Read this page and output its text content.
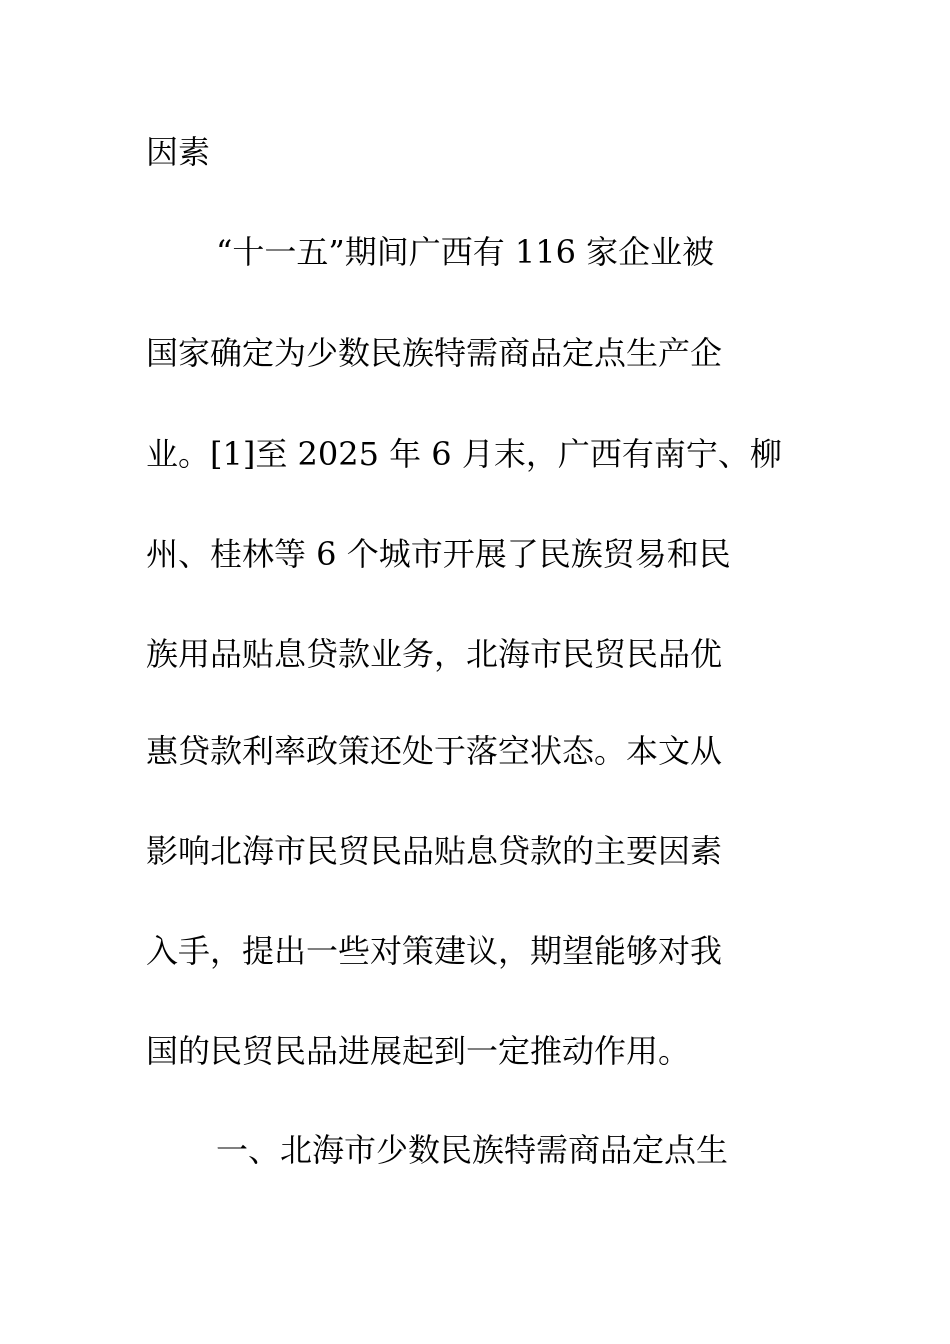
因素
“十一五”期间广西有 116 家企业被
国家确定为少数民族特需商品定点生产企
业。[1]至 2025 年 6 月末，广西有南宁、柳
州、桂林等 6 个城市开展了民族贸易和民
族用品贴息贷款业务，北海市民贸民品优
惠贷款利率政策还处于落空状态。本文从
影响北海市民贸民品贴息贷款的主要因素
入手，提出一些对策建议，期望能够对我
国的民贸民品进展起到一定推动作用。
一、北海市少数民族特需商品定点生
